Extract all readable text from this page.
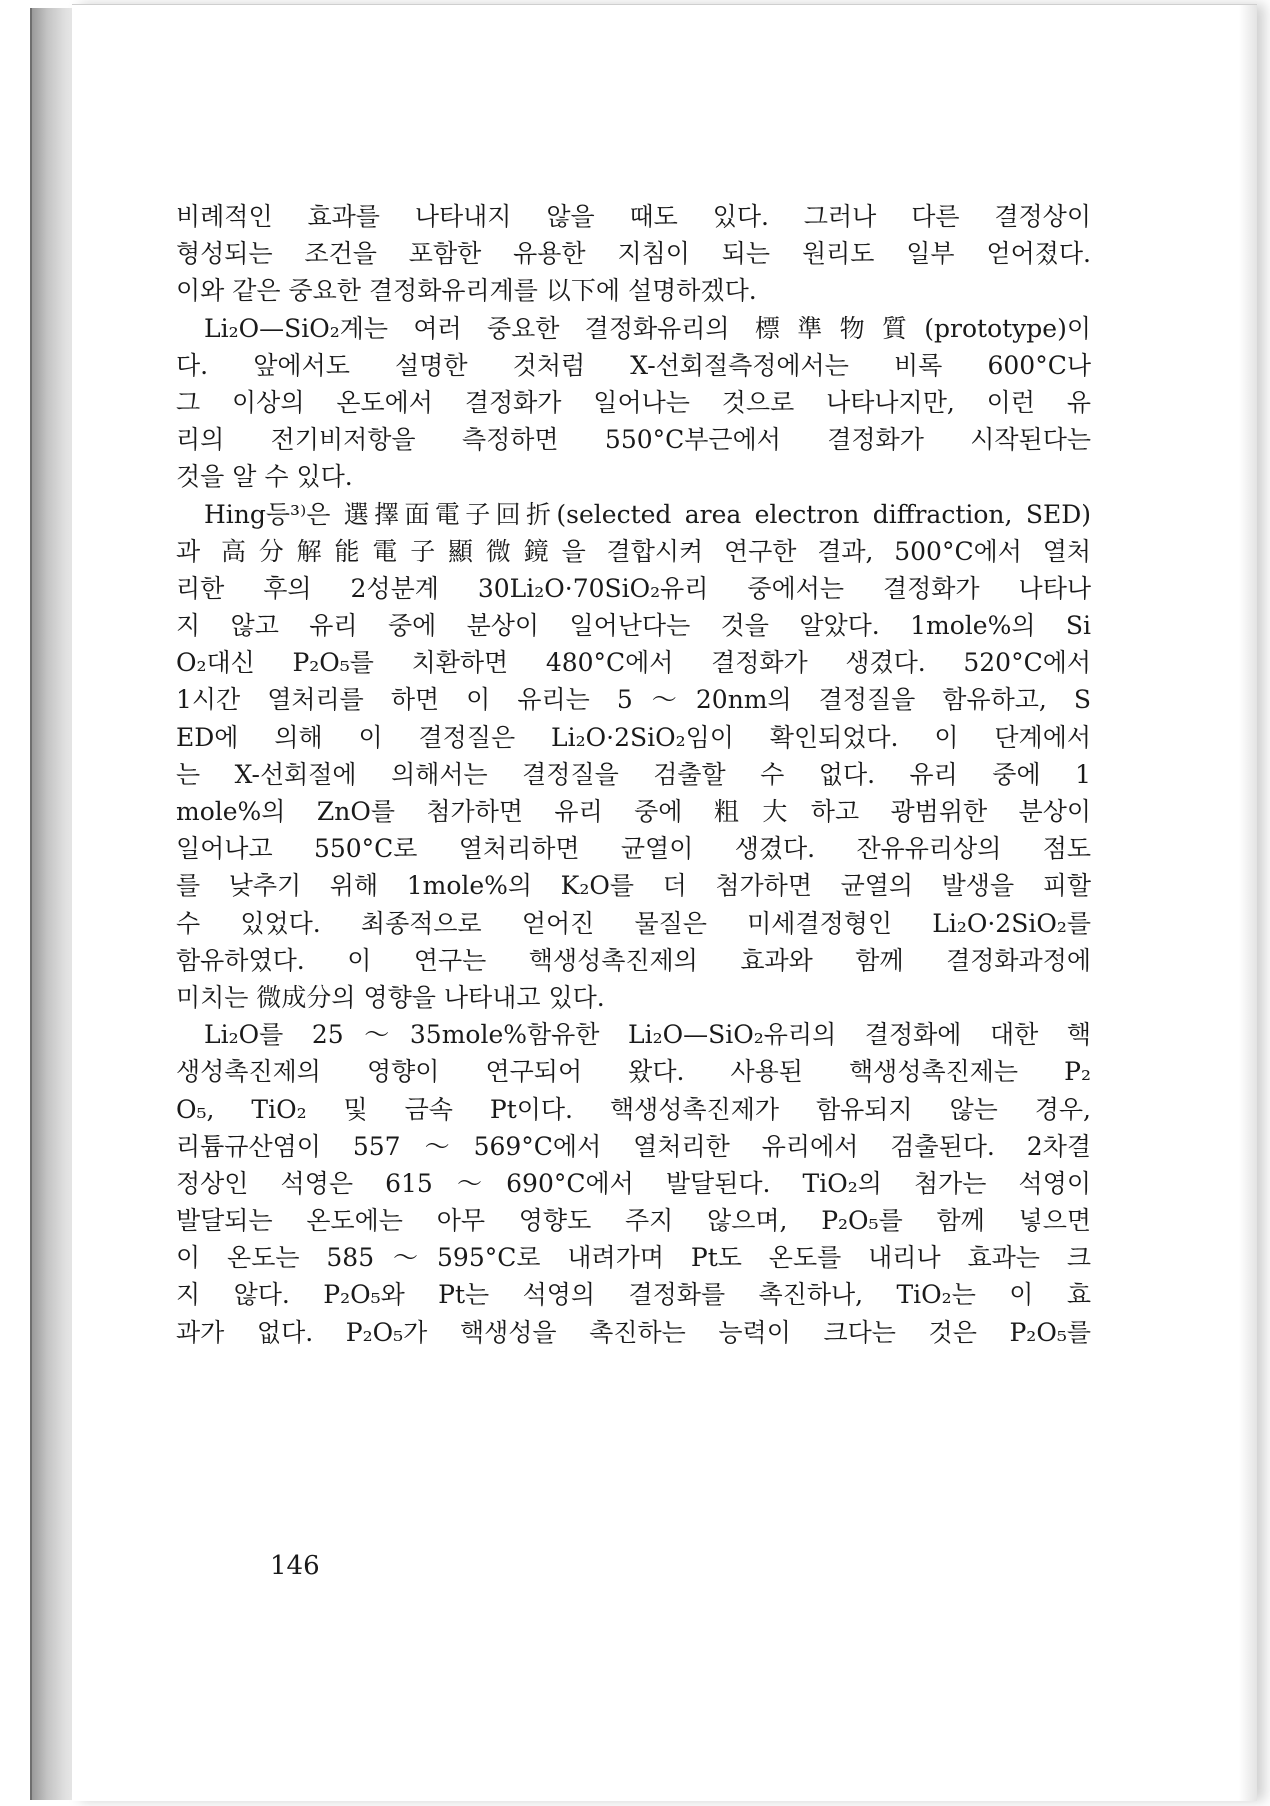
비례적인 효과를 나타내지 않을 때도 있다. 그러나 다른 결정상이
형성되는 조건을 포함한 유용한 지침이 되는 원리도 일부 얻어졌다.
이와 같은 중요한 결정화유리계를 以下에 설명하겠다.
Li₂O—SiO₂계는 여러 중요한 결정화유리의 標準物質(prototype)이
다. 앞에서도 설명한 것처럼 X-선회절측정에서는 비록 600°C나
그 이상의 온도에서 결정화가 일어나는 것으로 나타나지만, 이런 유
리의 전기비저항을 측정하면 550°C부근에서 결정화가 시작된다는
것을 알 수 있다.
Hing등³⁾은 選擇面電子回折(selected area electron diffraction, SED)
과 高分解能電子顯微鏡을 결합시켜 연구한 결과, 500°C에서 열처
리한 후의 2성분계 30Li₂O·70SiO₂유리 중에서는 결정화가 나타나
지 않고 유리 중에 분상이 일어난다는 것을 알았다. 1mole%의 Si
O₂대신 P₂O₅를 치환하면 480°C에서 결정화가 생겼다. 520°C에서
1시간 열처리를 하면 이 유리는 5～20nm의 결정질을 함유하고, S
ED에 의해 이 결정질은 Li₂O·2SiO₂임이 확인되었다. 이 단계에서
는 X-선회절에 의해서는 결정질을 검출할 수 없다. 유리 중에 1
mole%의 ZnO를 첨가하면 유리 중에 粗大하고 광범위한 분상이
일어나고 550°C로 열처리하면 균열이 생겼다. 잔유유리상의 점도
를 낮추기 위해 1mole%의 K₂O를 더 첨가하면 균열의 발생을 피할
수 있었다. 최종적으로 얻어진 물질은 미세결정형인 Li₂O·2SiO₂를
함유하였다. 이 연구는 핵생성촉진제의 효과와 함께 결정화과정에
미치는 微成分의 영향을 나타내고 있다.
Li₂O를 25～35mole%함유한 Li₂O—SiO₂유리의 결정화에 대한 핵
생성촉진제의 영향이 연구되어 왔다. 사용된 핵생성촉진제는 P₂
O₅, TiO₂ 및 금속 Pt이다. 핵생성촉진제가 함유되지 않는 경우,
리튬규산염이 557～569°C에서 열처리한 유리에서 검출된다. 2차결
정상인 석영은 615～690°C에서 발달된다. TiO₂의 첨가는 석영이
발달되는 온도에는 아무 영향도 주지 않으며, P₂O₅를 함께 넣으면
이 온도는 585～595°C로 내려가며 Pt도 온도를 내리나 효과는 크
지 않다. P₂O₅와 Pt는 석영의 결정화를 촉진하나, TiO₂는 이 효
과가 없다. P₂O₅가 핵생성을 촉진하는 능력이 크다는 것은 P₂O₅를
146
